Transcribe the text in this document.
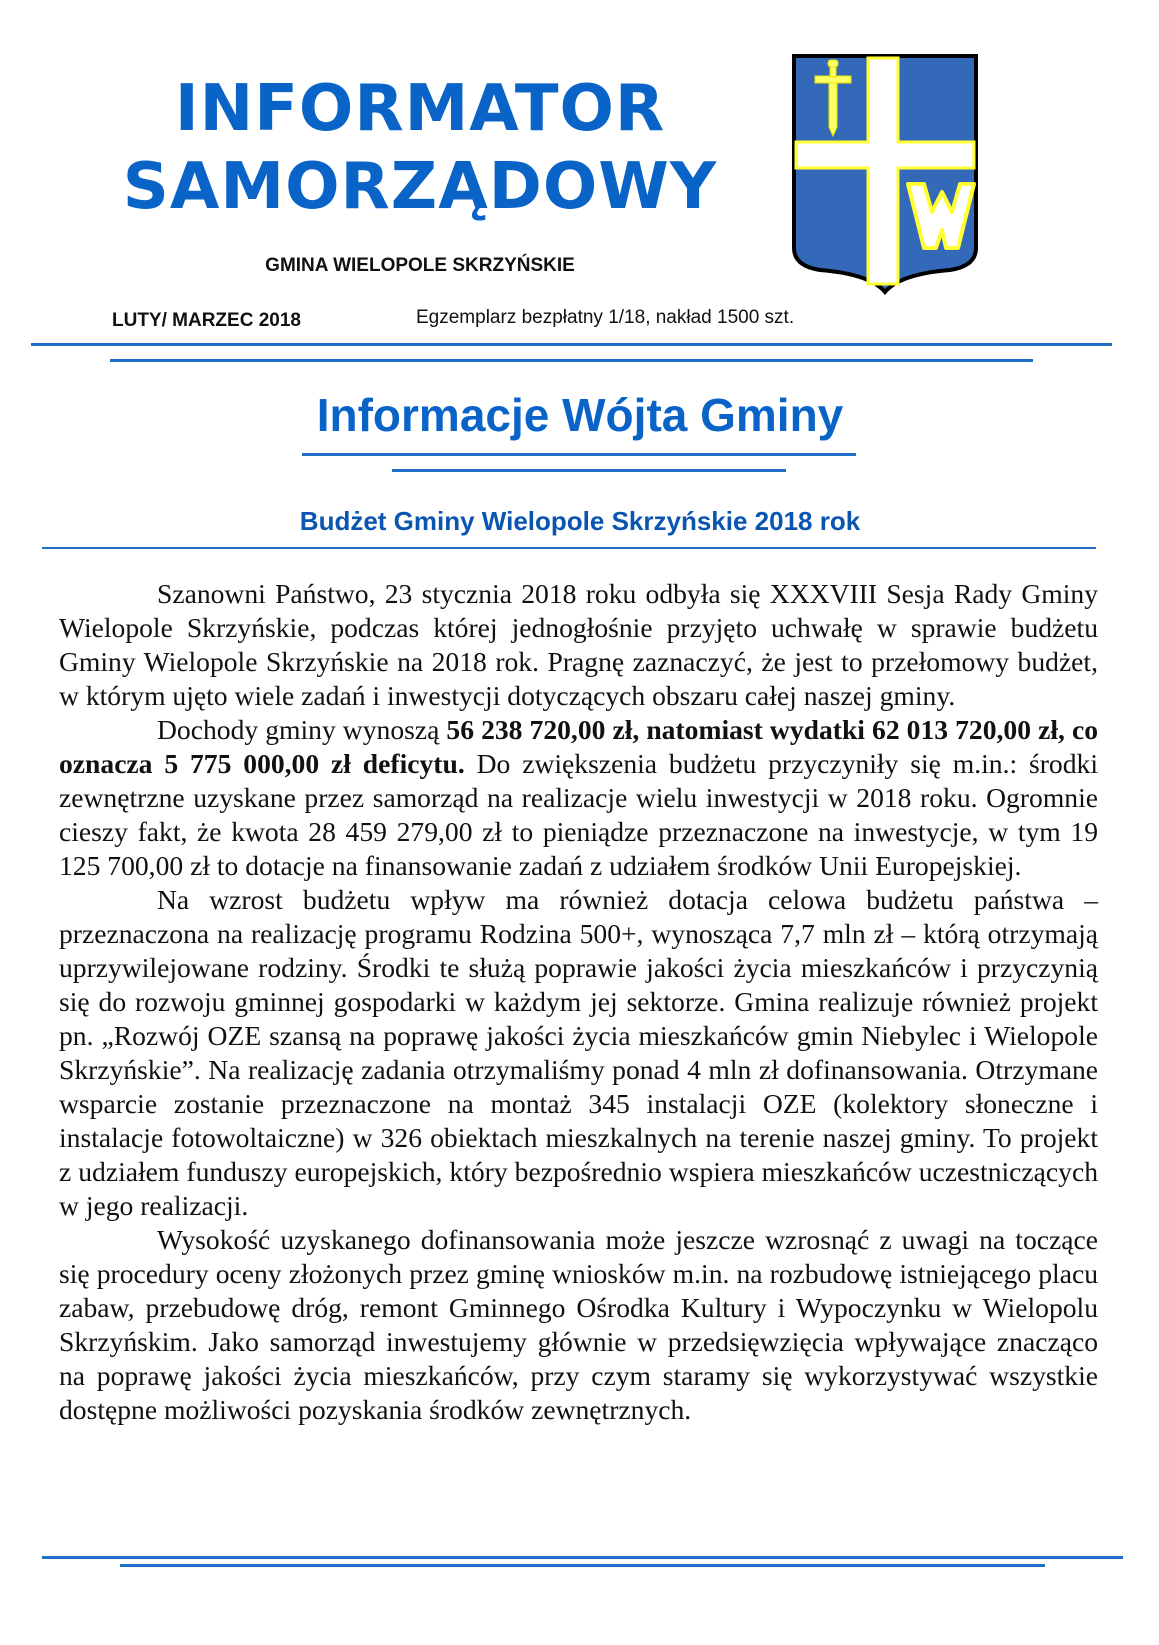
INFORMATOR
SAMORZĄDOWY
GMINA WIELOPOLE SKRZYŃSKIE
LUTY/ MARZEC 2018	Egzemplarz bezpłatny 1/18, nakład 1500 szt.
Informacje Wójta Gminy
Budżet Gminy Wielopole Skrzyńskie 2018 rok

Szanowni Państwo, 23 stycznia 2018 roku odbyła się XXXVIII Sesja Rady Gminy Wielopole Skrzyńskie, podczas której jednogłośnie przyjęto uchwałę w sprawie budżetu Gminy Wielopole Skrzyńskie na 2018 rok. Pragnę zaznaczyć, że jest to przełomowy budżet, w którym ujęto wiele zadań i inwestycji dotyczących obszaru całej naszej gminy.

Dochody gminy wynoszą 56 238 720,00 zł, natomiast wydatki 62 013 720,00 zł, co oznacza 5 775 000,00 zł deficytu. Do zwiększenia budżetu przyczyniły się m.in.: środki zewnętrzne uzyskane przez samorząd na realizacje wielu inwestycji w 2018 roku. Ogromnie cieszy fakt, że kwota 28 459 279,00 zł to pieniądze przeznaczone na inwestycje, w tym 19 125 700,00 zł to dotacje na finansowanie zadań z udziałem środków Unii Europejskiej.

Na wzrost budżetu wpływ ma również dotacja celowa budżetu państwa – przeznaczona na realizację programu Rodzina 500+, wynosząca 7,7 mln zł – którą otrzymają uprzywilejowane rodziny. Środki te służą poprawie jakości życia mieszkańców i przyczynią się do rozwoju gminnej gospodarki w każdym jej sektorze. Gmina realizuje również projekt pn. „Rozwój OZE szansą na poprawę jakości życia mieszkańców gmin Niebylec i Wielopole Skrzyńskie”. Na realizację zadania otrzymaliśmy ponad 4 mln zł dofinansowania. Otrzymane wsparcie zostanie przeznaczone na montaż 345 instalacji OZE (kolektory słoneczne i instalacje fotowoltaiczne) w 326 obiektach mieszkalnych na terenie naszej gminy. To projekt z udziałem funduszy europejskich, który bezpośrednio wspiera mieszkańców uczestniczących w jego realizacji.

Wysokość uzyskanego dofinansowania może jeszcze wzrosnąć z uwagi na toczące się procedury oceny złożonych przez gminę wniosków m.in. na rozbudowę istniejącego placu zabaw, przebudowę dróg, remont Gminnego Ośrodka Kultury i Wypoczynku w Wielopolu Skrzyńskim. Jako samorząd inwestujemy głównie w przedsięwzięcia wpływające znacząco na poprawę jakości życia mieszkańców, przy czym staramy się wykorzystywać wszystkie dostępne możliwości pozyskania środków zewnętrznych.
